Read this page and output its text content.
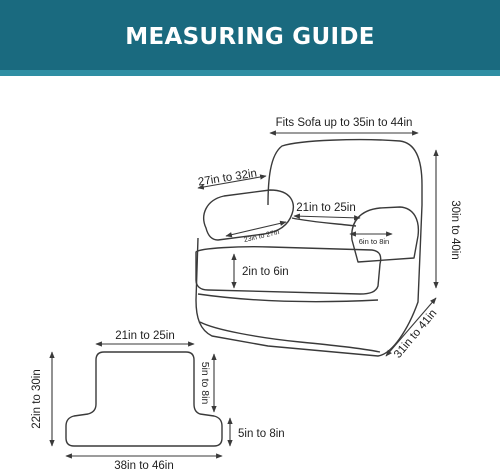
MEASURING GUIDE
Fits Sofa up to 35in to 44in
27in to 32in
21in to 25in
23in to 27in	6in to 8in
2in to 6in
30in to 40in
31in to 41in
21in to 25in
5in to 8in
22in to 30in
5in to 8in
38in to 46in
